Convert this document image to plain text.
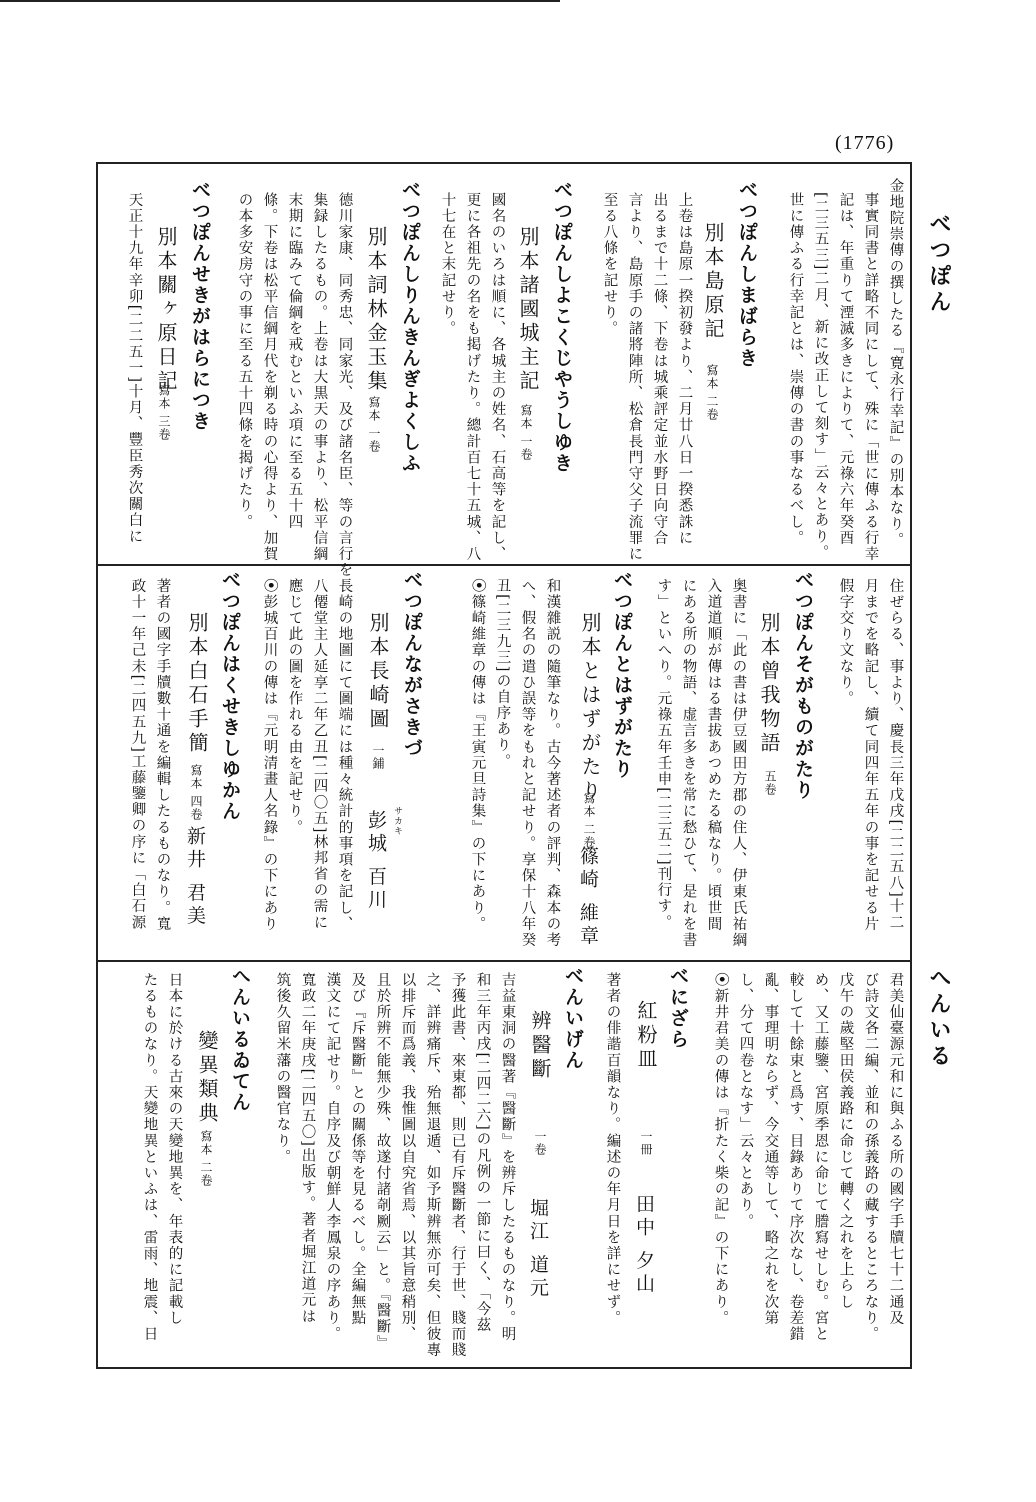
(1776)
べつぽん
へんいる
金地院崇傳の撰したる『寛永行幸記』の別本なり。
事實同書と詳略不同にして、殊に「世に傳ふる行幸
記は、年重りて湮滅多きによりて、元祿六年癸酉
[二三五三]二月、新に改正して刻す」云々とあり。
世に傳ふる行幸記とは、崇傳の書の事なるべし。
べつぽんしまばらき
別本島原記
寫本 二卷
上卷は島原一揆初發より、二月廿八日一揆悉誅に
出るまで十二條、下卷は城乘評定並水野日向守合
言より、島原手の諸將陣所、松倉長門守父子流罪に
至る八條を記せり。
べつぽんしよこくじやうしゆき
別本諸國城主記
寫本 一卷
國名のいろは順に、各城主の姓名、石高等を記し、
更に各祖先の名をも掲げたり。總計百七十五城、八
十七在と末記せり。
べつぽんしりんきんぎよくしふ
別本詞林金玉集
寫本 一卷
德川家康、同秀忠、同家光、及び諸名臣、等の言行を
集録したるもの。上卷は大黒天の事より、松平信綱
末期に臨みて倫綱を戒むといふ項に至る五十四
條。下卷は松平信綱月代を剃る時の心得より、加賀
の本多安房守の事に至る五十四條を揭げたり。
べつぽんせきがはらにつき
別本關ヶ原日記
寫本 三卷
天正十九年辛卯[二二五一]十月、豐臣秀次關白に
住ぜらる、事より、慶長三年戊戌[二二五八]十二
月までを略記し、續て同四年五年の事を記せる片
假字交り文なり。
べつぽんそがものがたり
別本曾我物語
五卷
奥書に「此の書は伊豆國田方郡の住人、伊東氏祐綱
入道道順が傳はる書拔あつめたる稿なり。頃世間
にある所の物語、虚言多きを常に愁ひて、是れを書
す」といへり。元祿五年壬申[二三五二]刊行す。
べつぽんとはずがたり
別本とはずがたり
寫本 二卷
篠崎 維章
和漢雜説の隨筆なり。古今著述者の評判、森本の考
へ、假名の遣ひ誤等をもれと記せり。享保十八年癸
丑[二三九三]の自序あり。
⦿篠崎維章の傳は『王寅元旦詩集』の下にあり。
べつぽんながさきづ
別本長崎圖
一鋪
彭城 百川 サカキ
長崎の地圖にて圖端には種々統計的事項を記し、
八僊堂主人延享二年乙丑[二四〇五]林邦省の需に
應じて此の圖を作れる由を記せり。
⦿彭城百川の傳は『元明清畫人名錄』の下にあり
べつぽんはくせきしゆかん
別本白石手簡
寫本 四卷
新井 君美
著者の國字手牘數十通を編輯したるものなり。寬
政十一年己未[二四五九]工藤鑒卿の序に「白石源
君美仙臺源元和に與ふる所の國字手牘七十二通及
び詩文各二編、並和の孫義路の藏するところなり。
戊午の歲堅田侯義路に命じて轉く之れを上らし
め、又工藤鑒、宮原季恩に命じて謄寫せしむ。宮と
較して十餘束と爲す、目錄ありて序次なし、卷差錯
亂、事理明ならず、今交通等して、略之れを次第
し、分て四卷となす」云々とあり。
⦿新井君美の傳は『折たく柴の記』の下にあり。
べにざら
紅粉皿
一冊
田中 夕山
著者の俳諧百韻なり。編述の年月日を詳にせず。
べんいげん
辨醫斷
一卷
堀江 道元
吉益東洞の醫著『醫斷』を辨斥したるものなり。明
和三年丙戌[二四二六]の凡例の一節に曰く、「今茲
予獲此書、來東都、則已有斥醫斷者、行于世、賤而賤
之、詳辨痛斥、殆無退遁、如予斯辨無亦可矣、但彼專
以排斥而爲義、我惟圖以自究省焉、以其旨意稍別、
且於所辨不能無少殊、故遂付諸剞劂云」と。『醫斷』
及び『斥醫斷』との關係等を見るべし。全編無點
漢文にて記せり。自序及び朝鮮人李鳳泉の序あり。
寬政二年庚戌[二四五〇]出版す。著者堀江道元は
筑後久留米藩の醫官なり。
へんいるゐてん
變異類典
寫本 二卷
日本に於ける古來の天變地異を、年表的に記載し
たるものなり。天變地異といふは、雷雨、地震、日
